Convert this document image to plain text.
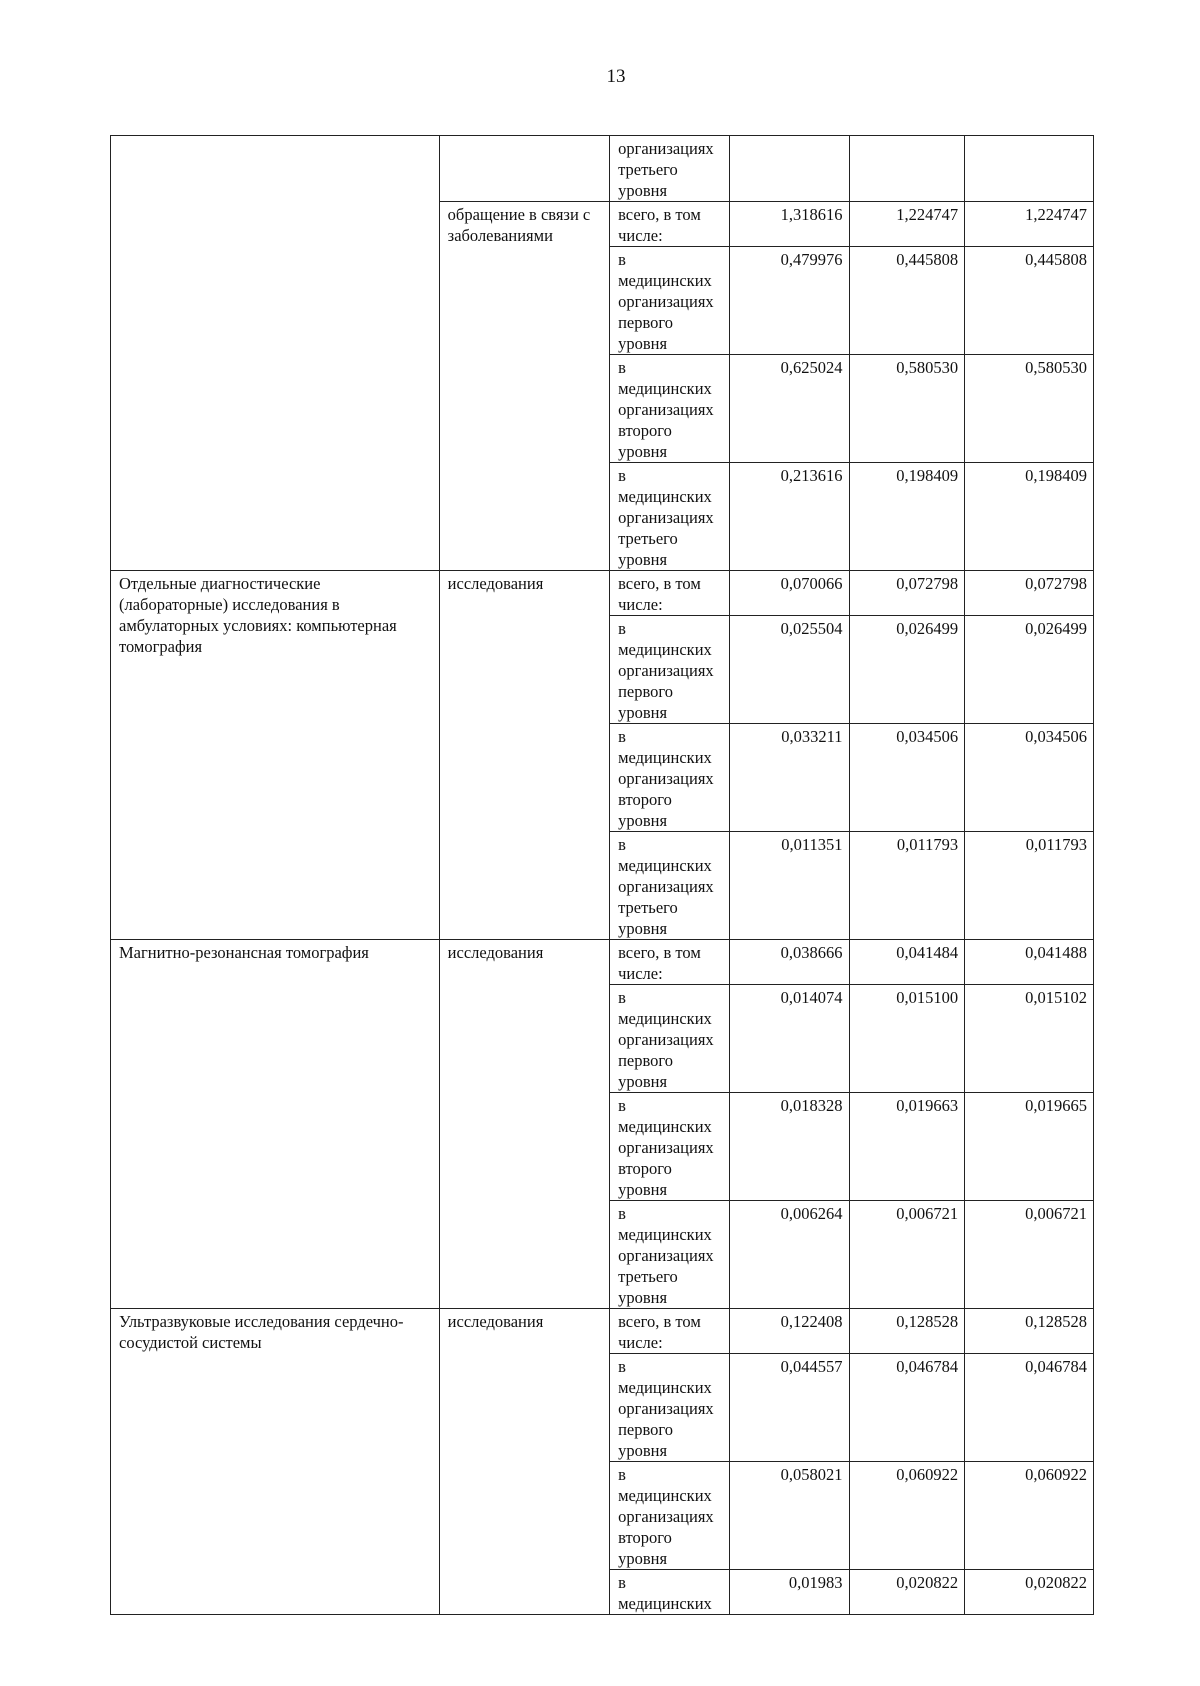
13
		организациях третьего уровня			
	обращение в связи с заболеваниями	всего, в том числе:	1,318616	1,224747	1,224747
		в медицинских организациях первого уровня	0,479976	0,445808	0,445808
		в медицинских организациях второго уровня	0,625024	0,580530	0,580530
		в медицинских организациях третьего уровня	0,213616	0,198409	0,198409
Отдельные диагностические (лабораторные) исследования в амбулаторных условиях: компьютерная томография	исследования	всего, в том числе:	0,070066	0,072798	0,072798
		в медицинских организациях первого уровня	0,025504	0,026499	0,026499
		в медицинских организациях второго уровня	0,033211	0,034506	0,034506
		в медицинских организациях третьего уровня	0,011351	0,011793	0,011793
Магнитно-резонансная томография	исследования	всего, в том числе:	0,038666	0,041484	0,041488
		в медицинских организациях первого уровня	0,014074	0,015100	0,015102
		в медицинских организациях второго уровня	0,018328	0,019663	0,019665
		в медицинских организациях третьего уровня	0,006264	0,006721	0,006721
Ультразвуковые исследования сердечно-сосудистой системы	исследования	всего, в том числе:	0,122408	0,128528	0,128528
		в медицинских организациях первого уровня	0,044557	0,046784	0,046784
		в медицинских организациях второго уровня	0,058021	0,060922	0,060922
		в медицинских	0,01983	0,020822	0,020822
